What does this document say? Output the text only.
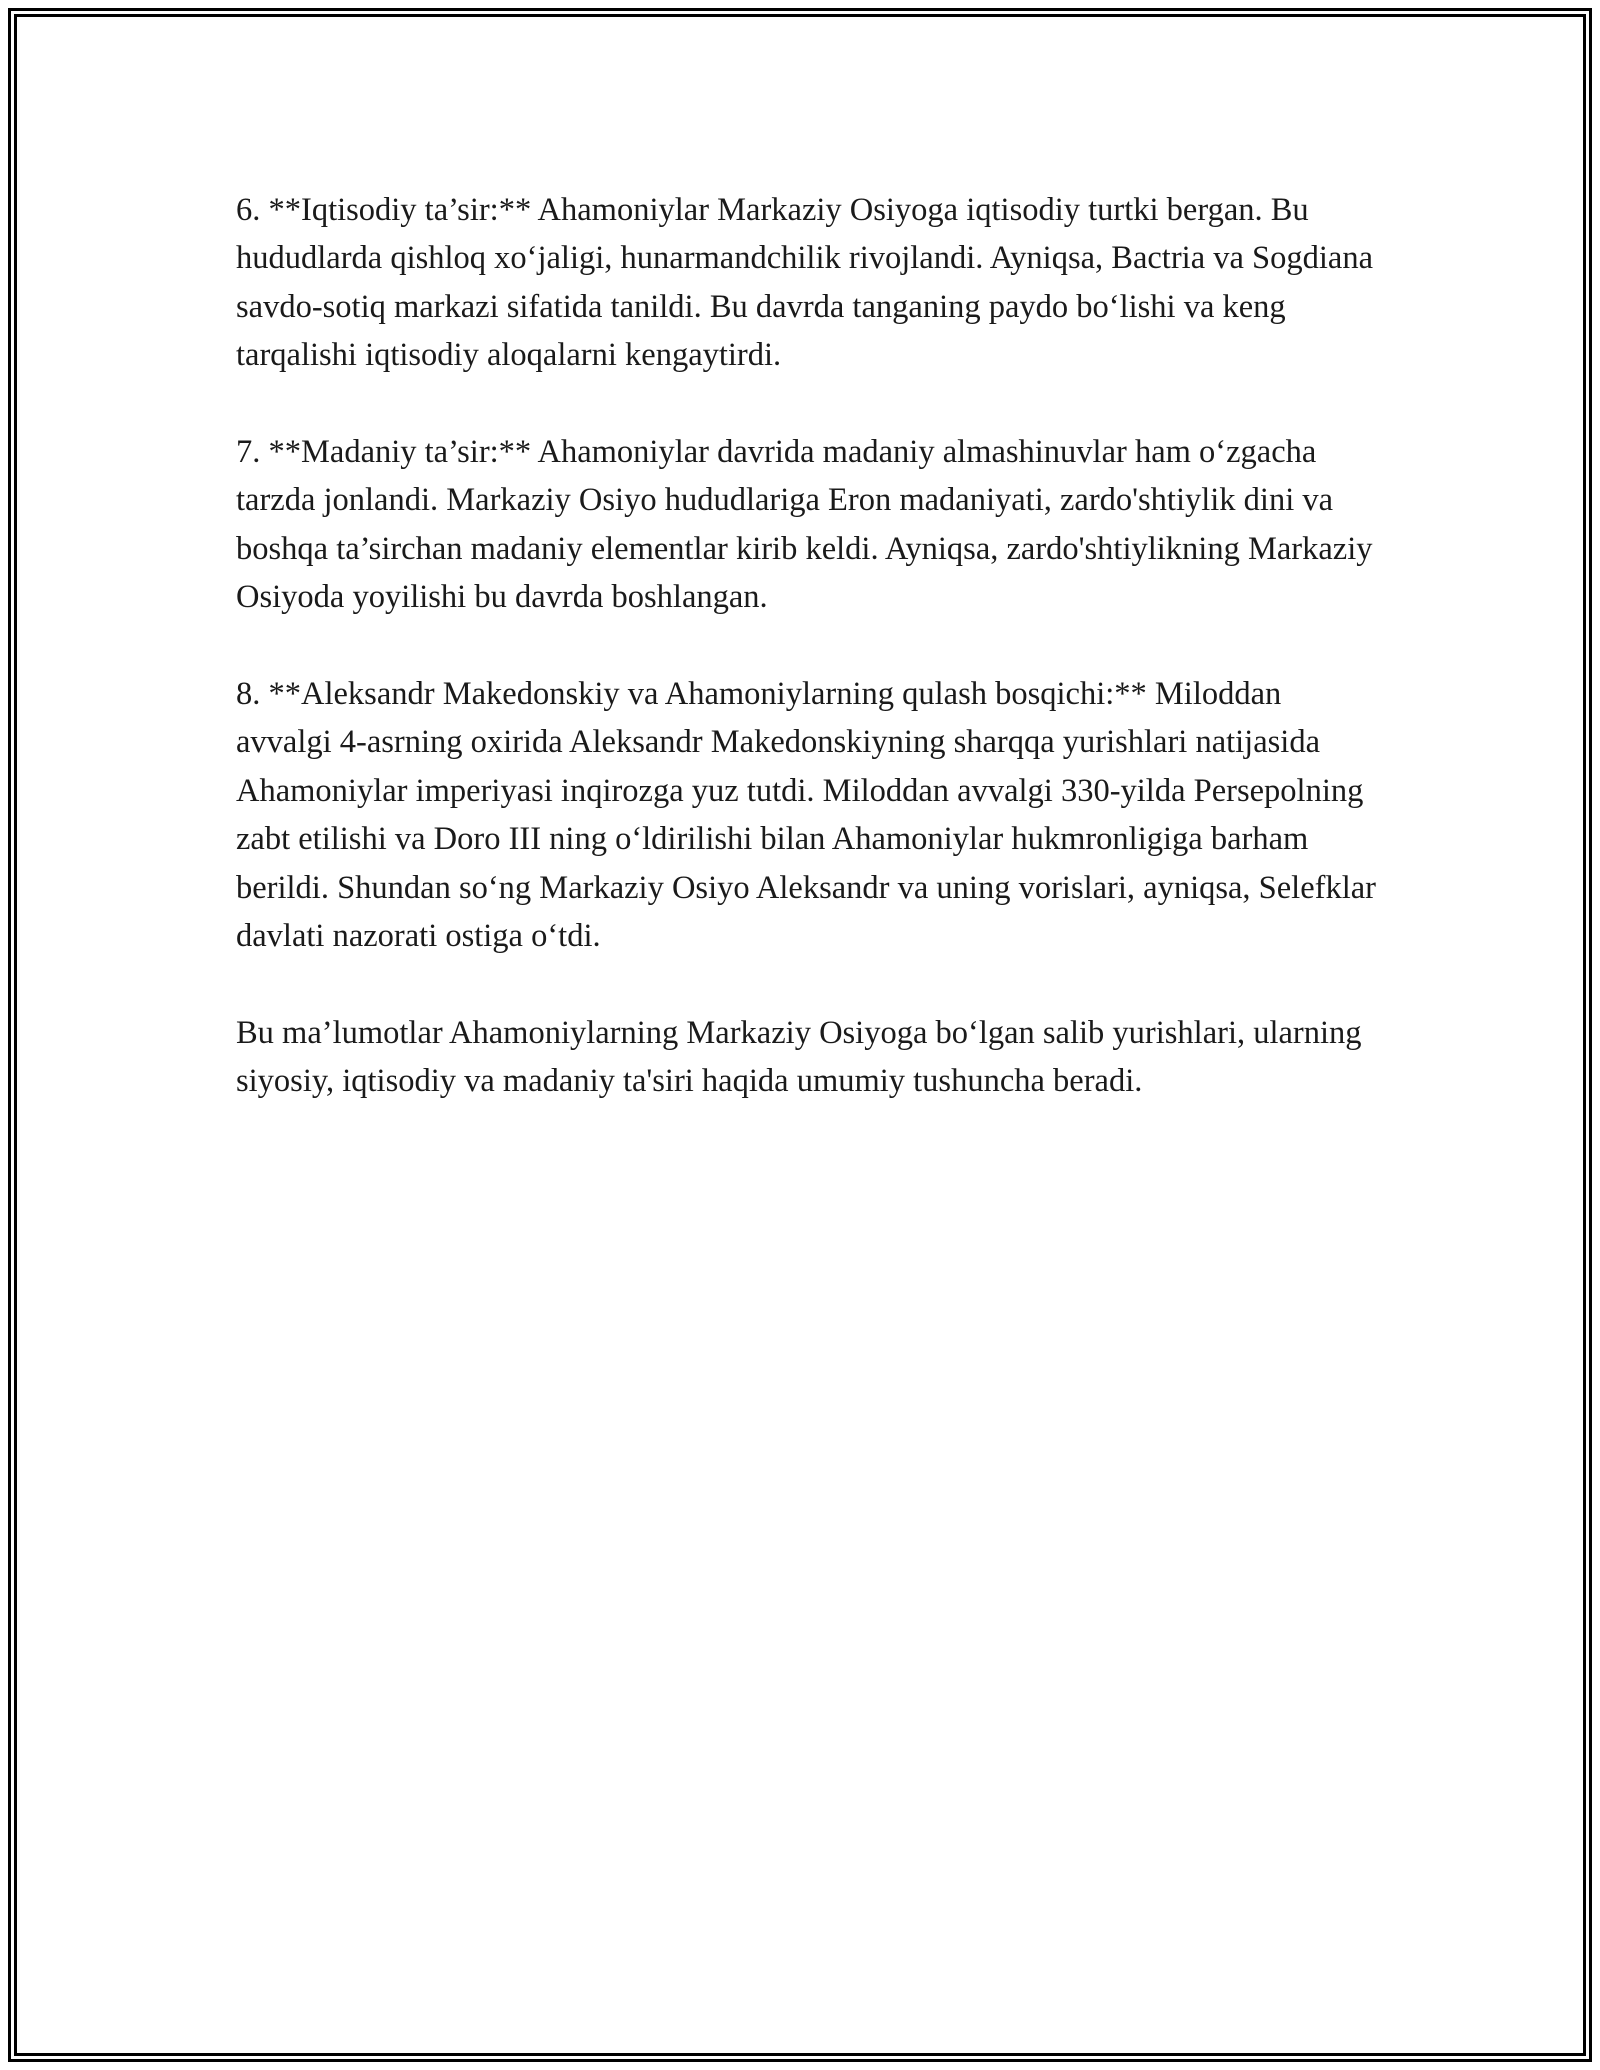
6. **Iqtisodiy ta’sir:** Ahamoniylar Markaziy Osiyoga iqtisodiy turtki bergan. Bu hududlarda qishloq xo‘jaligi, hunarmandchilik rivojlandi. Ayniqsa, Bactria va Sogdiana savdo-sotiq markazi sifatida tanildi. Bu davrda tanganing paydo bo‘lishi va keng tarqalishi iqtisodiy aloqalarni kengaytirdi.

7. **Madaniy ta’sir:** Ahamoniylar davrida madaniy almashinuvlar ham o‘zgacha tarzda jonlandi. Markaziy Osiyo hududlariga Eron madaniyati, zardo'shtiylik dini va boshqa ta’sirchan madaniy elementlar kirib keldi. Ayniqsa, zardo'shtiylikning Markaziy Osiyoda yoyilishi bu davrda boshlangan.

8. **Aleksandr Makedonskiy va Ahamoniylarning qulash bosqichi:** Miloddan avvalgi 4-asrning oxirida Aleksandr Makedonskiyning sharqqa yurishlari natijasida Ahamoniylar imperiyasi inqirozga yuz tutdi. Miloddan avvalgi 330-yilda Persepolning zabt etilishi va Doro III ning o‘ldirilishi bilan Ahamoniylar hukmronligiga barham berildi. Shundan so‘ng Markaziy Osiyo Aleksandr va uning vorislari, ayniqsa, Selefklar davlati nazorati ostiga o‘tdi.

Bu ma’lumotlar Ahamoniylarning Markaziy Osiyoga bo‘lgan salib yurishlari, ularning siyosiy, iqtisodiy va madaniy ta'siri haqida umumiy tushuncha beradi.
